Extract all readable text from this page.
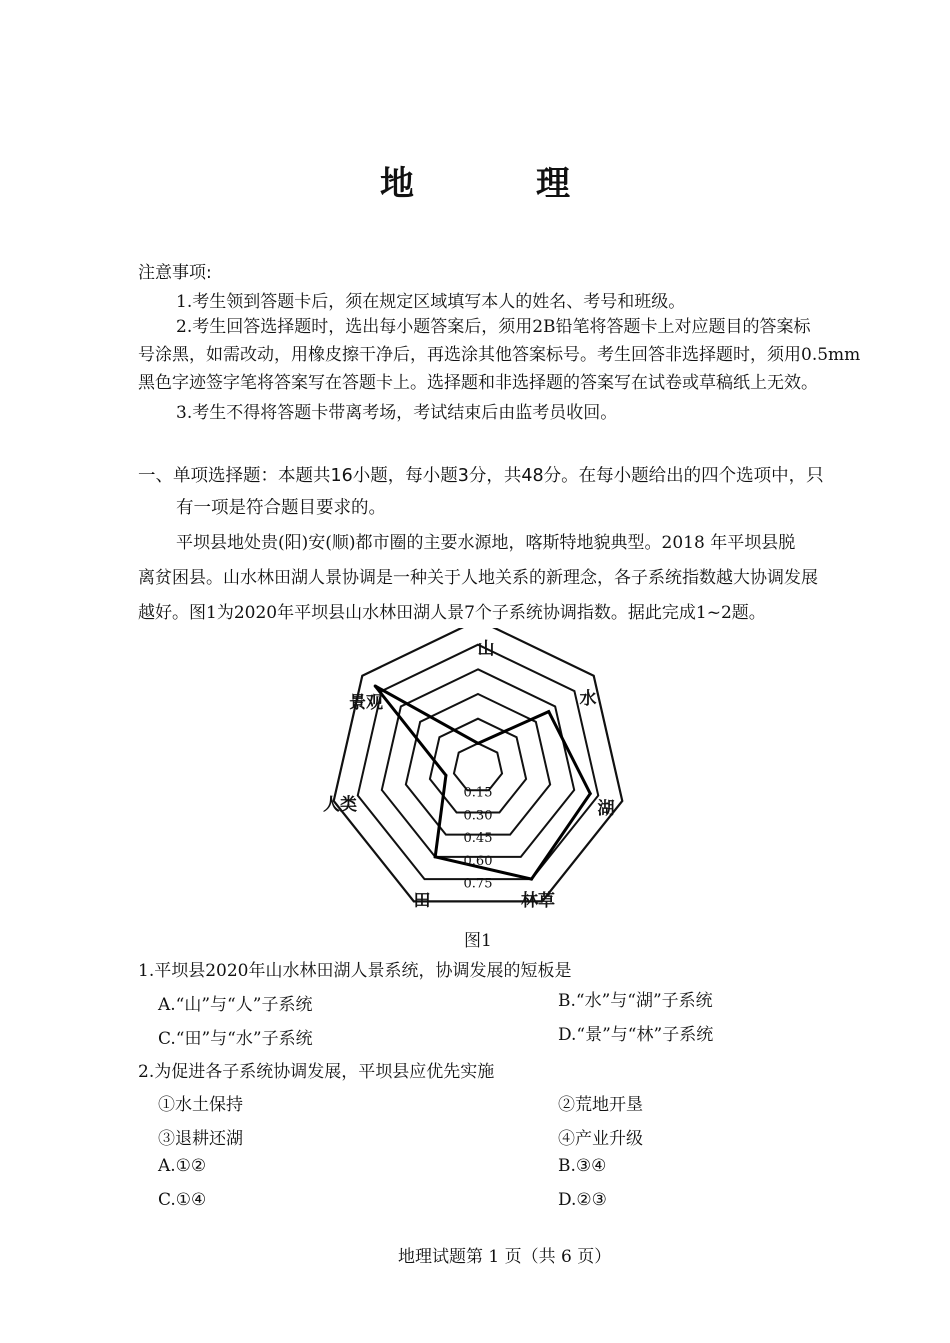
地　理
注意事项:
1.考生领到答题卡后，须在规定区域填写本人的姓名、考号和班级。
2.考生回答选择题时，选出每小题答案后，须用2B铅笔将答题卡上对应题目的答案标
号涂黑，如需改动，用橡皮擦干净后，再选涂其他答案标号。考生回答非选择题时，须用0.5mm
黑色字迹签字笔将答案写在答题卡上。选择题和非选择题的答案写在试卷或草稿纸上无效。
3.考生不得将答题卡带离考场，考试结束后由监考员收回。
一、单项选择题：本题共16小题，每小题3分，共48分。在每小题给出的四个选项中，只
有一项是符合题目要求的。
平坝县地处贵(阳)安(顺)都市圈的主要水源地，喀斯特地貌典型。2018 年平坝县脱
离贫困县。山水林田湖人景协调是一种关于人地关系的新理念，各子系统指数越大协调发展
越好。图1为2020年平坝县山水林田湖人景7个子系统协调指数。据此完成1~2题。
0.15
0.30
0.45
0.60
0.75
山
水
湖
林草
田
人类
景观
图1
1.平坝县2020年山水林田湖人景系统，协调发展的短板是
A.“山”与“人”子系统	B.“水”与“湖”子系统
C.“田”与“水”子系统	D.“景”与“林”子系统
2.为促进各子系统协调发展，平坝县应优先实施
①水土保持	②荒地开垦
③退耕还湖	④产业升级
A.①②	B.③④
C.①④	D.②③
地理试题第 1 页（共 6 页）
